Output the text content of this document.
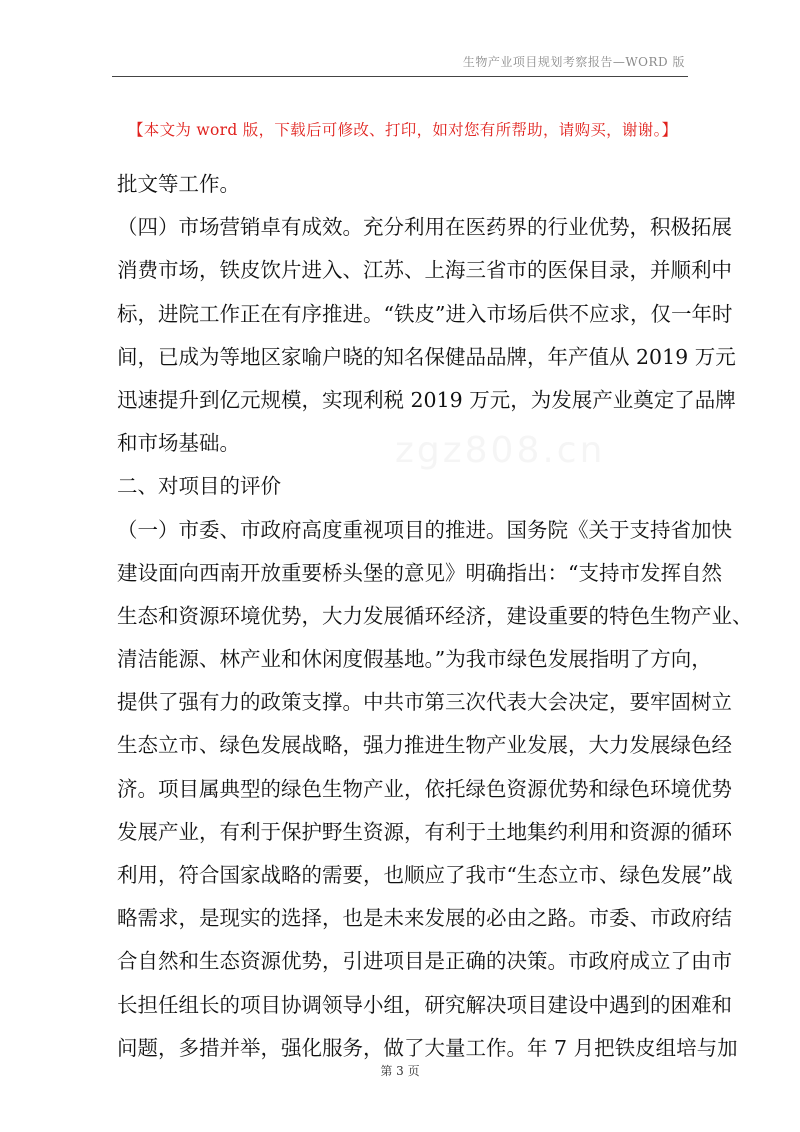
生物产业项目规划考察报告—WORD 版
【本文为 word 版，下载后可修改、打印，如对您有所帮助，请购买，谢谢。】
zgz808.cn
批文等工作。
（四）市场营销卓有成效。充分利用在医药界的行业优势，积极拓展
消费市场，铁皮饮片进入、江苏、上海三省市的医保目录，并顺利中
标，进院工作正在有序推进。“铁皮”进入市场后供不应求，仅一年时
间，已成为等地区家喻户晓的知名保健品品牌，年产值从 2019 万元
迅速提升到亿元规模，实现利税 2019 万元，为发展产业奠定了品牌
和市场基础。
二、对项目的评价
（一）市委、市政府高度重视项目的推进。国务院《关于支持省加快
建设面向西南开放重要桥头堡的意见》明确指出：“支持市发挥自然
生态和资源环境优势，大力发展循环经济，建设重要的特色生物产业、
清洁能源、林产业和休闲度假基地。”为我市绿色发展指明了方向，
提供了强有力的政策支撑。中共市第三次代表大会决定，要牢固树立
生态立市、绿色发展战略，强力推进生物产业发展，大力发展绿色经
济。项目属典型的绿色生物产业，依托绿色资源优势和绿色环境优势
发展产业，有利于保护野生资源，有利于土地集约利用和资源的循环
利用，符合国家战略的需要，也顺应了我市“生态立市、绿色发展”战
略需求，是现实的选择，也是未来发展的必由之路。市委、市政府结
合自然和生态资源优势，引进项目是正确的决策。市政府成立了由市
长担任组长的项目协调领导小组，研究解决项目建设中遇到的困难和
问题，多措并举，强化服务，做了大量工作。年 7 月把铁皮组培与加
第 3 页
